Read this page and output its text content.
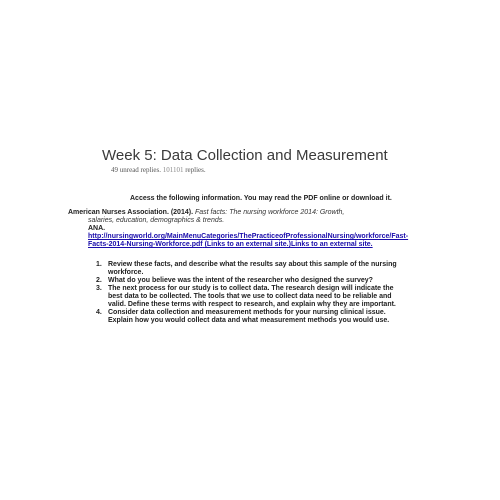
Week 5: Data Collection and Measurement
49 unread replies. 101101 replies.
Access the following information. You may read the PDF online or download it.
American Nurses Association. (2014). Fast facts: The nursing workforce 2014: Growth,
salaries, education, demographics & trends.
ANA. http://nursingworld.org/MainMenuCategories/ThePracticeofProfessionalNursing/workforce/Fast-Facts-2014-Nursing-Workforce.pdf (Links to an external site.)Links to an external site.
1. Review these facts, and describe what the results say about this sample of the nursing workforce.
2. What do you believe was the intent of the researcher who designed the survey?
3. The next process for our study is to collect data. The research design will indicate the best data to be collected. The tools that we use to collect data need to be reliable and valid. Define these terms with respect to research, and explain why they are important.
4. Consider data collection and measurement methods for your nursing clinical issue. Explain how you would collect data and what measurement methods you would use.
